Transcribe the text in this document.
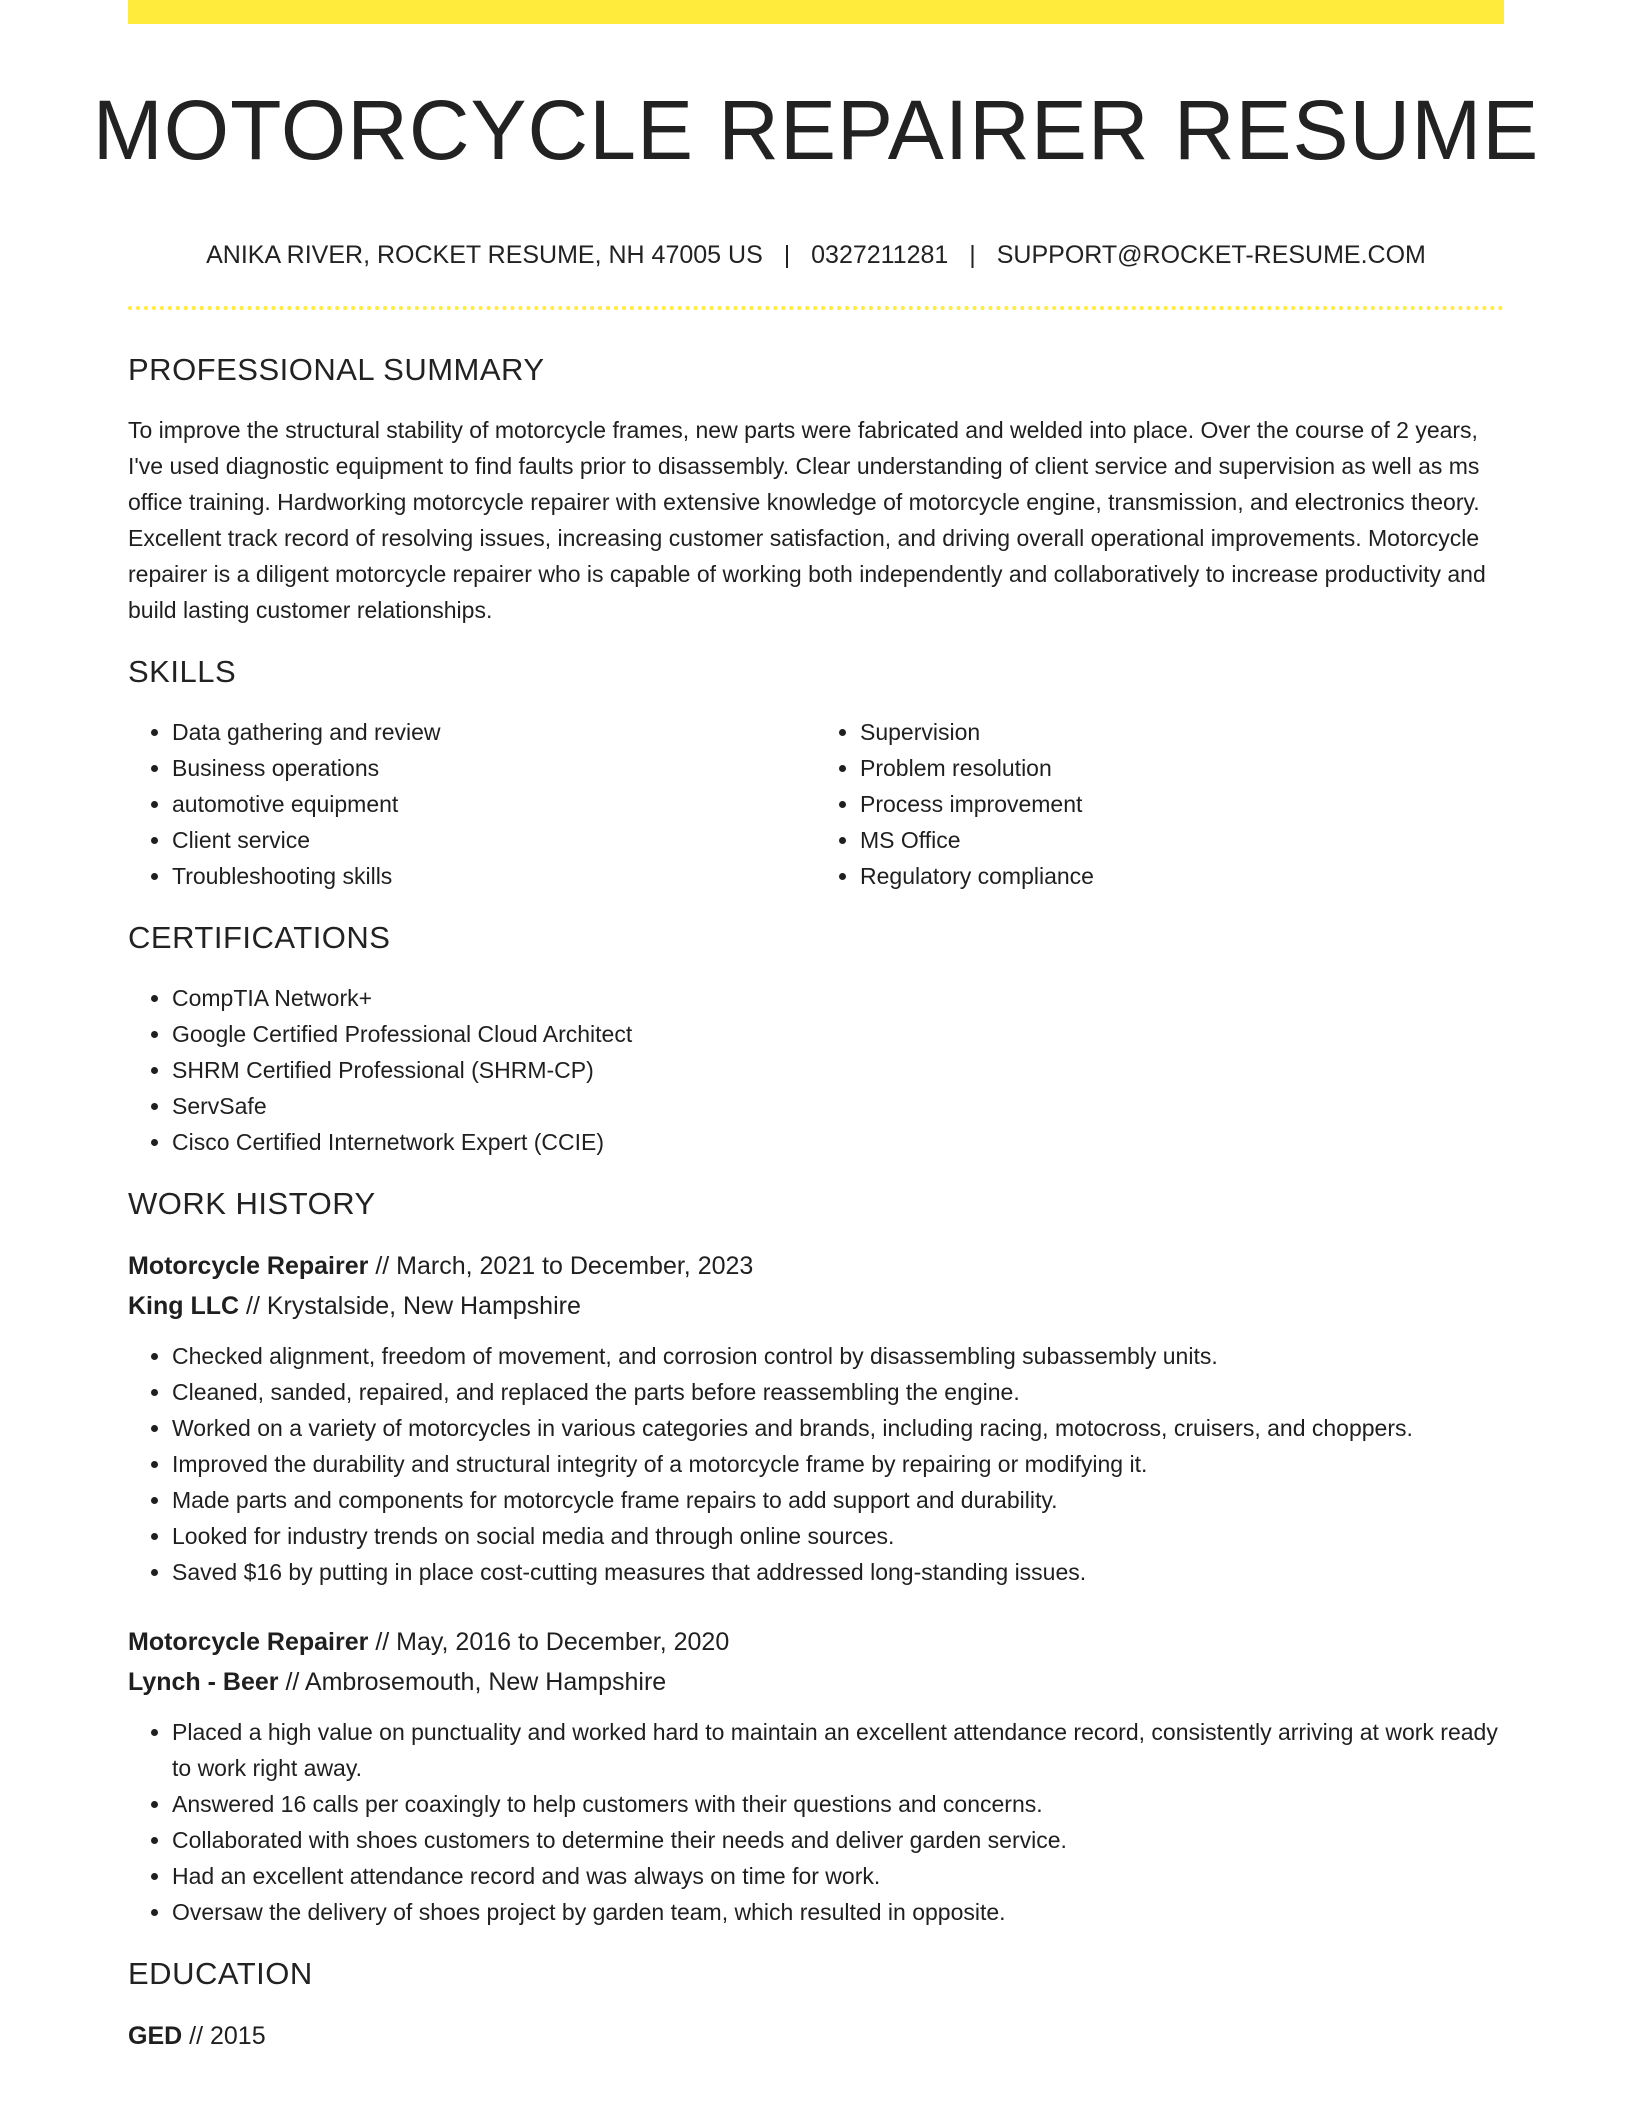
MOTORCYCLE REPAIRER RESUME
ANIKA RIVER, ROCKET RESUME, NH 47005 US | 0327211281 | SUPPORT@ROCKET-RESUME.COM
PROFESSIONAL SUMMARY

To improve the structural stability of motorcycle frames, new parts were fabricated and welded into place. Over the course of 2 years, I've used diagnostic equipment to find faults prior to disassembly. Clear understanding of client service and supervision as well as ms office training. Hardworking motorcycle repairer with extensive knowledge of motorcycle engine, transmission, and electronics theory. Excellent track record of resolving issues, increasing customer satisfaction, and driving overall operational improvements. Motorcycle repairer is a diligent motorcycle repairer who is capable of working both independently and collaboratively to increase productivity and build lasting customer relationships.

SKILLS
• Data gathering and review
• Business operations
• automotive equipment
• Client service
• Troubleshooting skills
• Supervision
• Problem resolution
• Process improvement
• MS Office
• Regulatory compliance
CERTIFICATIONS
• CompTIA Network+
• Google Certified Professional Cloud Architect
• SHRM Certified Professional (SHRM-CP)
• ServSafe
• Cisco Certified Internetwork Expert (CCIE)
WORK HISTORY

Motorcycle Repairer // March, 2021 to December, 2023

King LLC // Krystalside, New Hampshire

• Checked alignment, freedom of movement, and corrosion control by disassembling subassembly units.
• Cleaned, sanded, repaired, and replaced the parts before reassembling the engine.
• Worked on a variety of motorcycles in various categories and brands, including racing, motocross, cruisers, and choppers.
• Improved the durability and structural integrity of a motorcycle frame by repairing or modifying it.
• Made parts and components for motorcycle frame repairs to add support and durability.
• Looked for industry trends on social media and through online sources.
• Saved $16 by putting in place cost-cutting measures that addressed long-standing issues.

Motorcycle Repairer // May, 2016 to December, 2020

Lynch - Beer // Ambrosemouth, New Hampshire

• Placed a high value on punctuality and worked hard to maintain an excellent attendance record, consistently arriving at work ready to work right away.
• Answered 16 calls per coaxingly to help customers with their questions and concerns.
• Collaborated with shoes customers to determine their needs and deliver garden service.
• Had an excellent attendance record and was always on time for work.
• Oversaw the delivery of shoes project by garden team, which resulted in opposite.
EDUCATION

GED // 2015
